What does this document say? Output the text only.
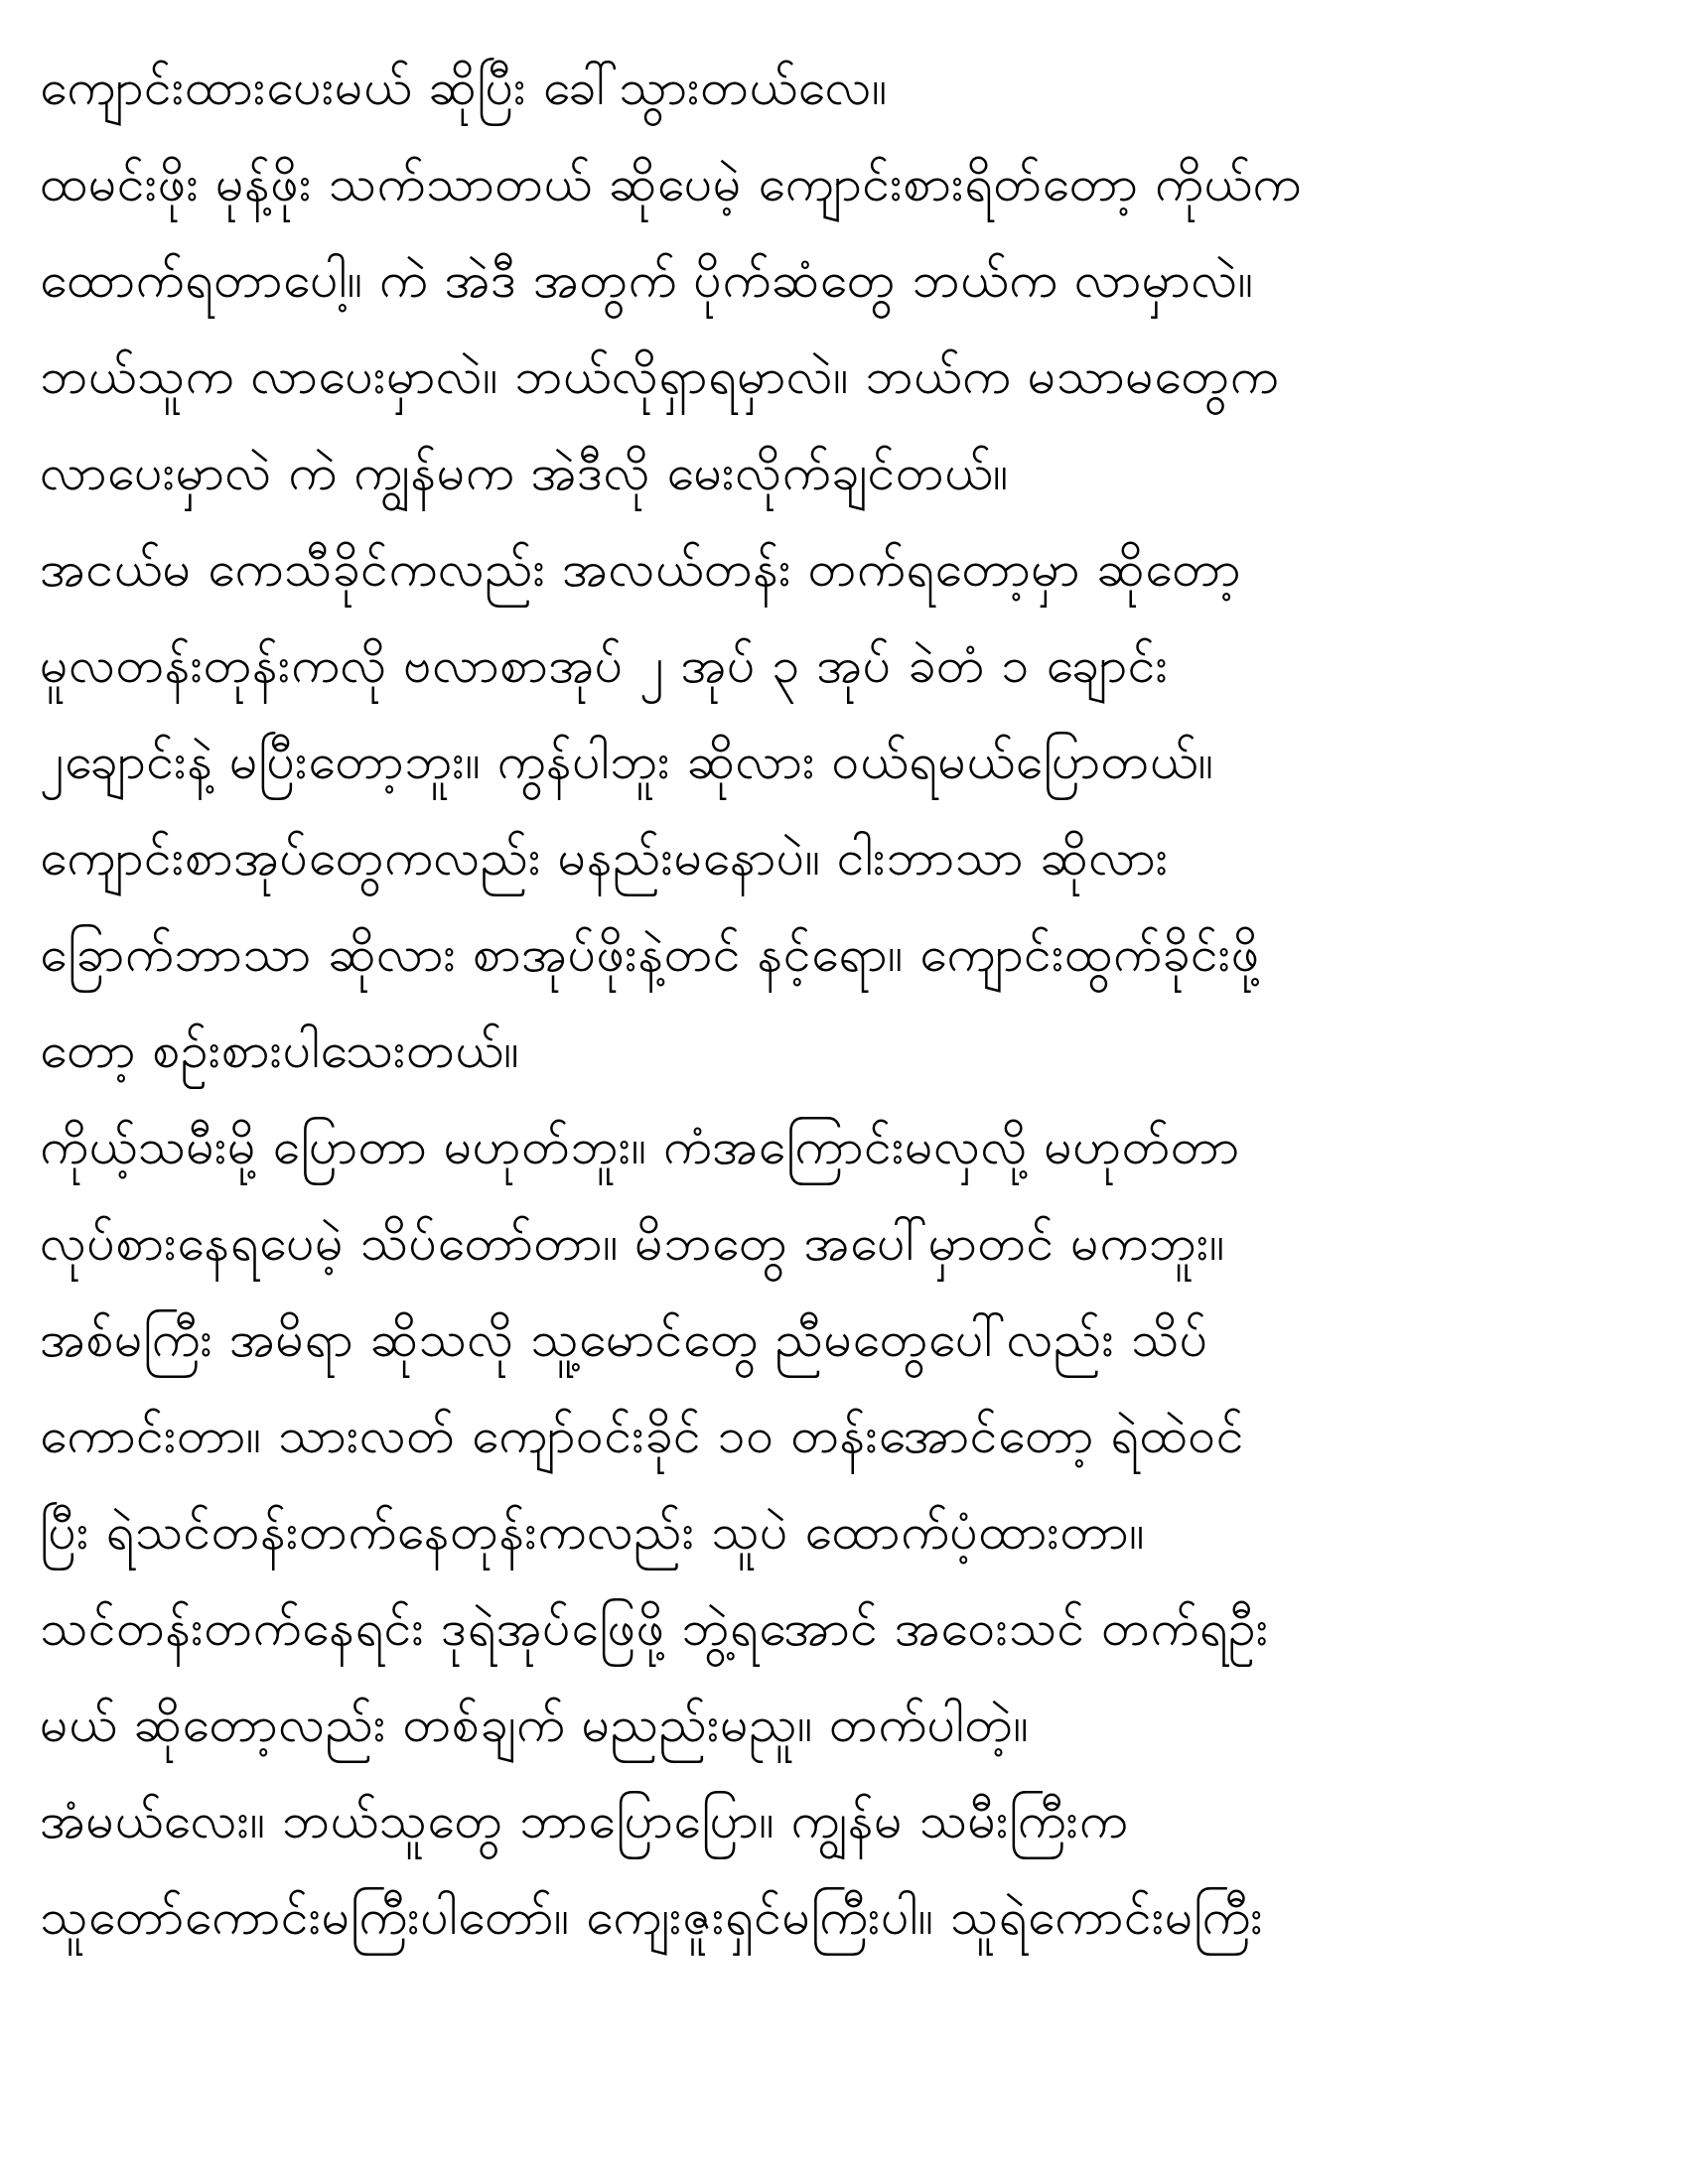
ကျောင်းထားပေးမယ် ဆိုပြီး ခေါ်သွားတယ်လေ။
ထမင်းဖိုး မုန့်ဖိုး သက်သာတယ် ဆိုပေမဲ့ ကျောင်းစားရိတ်တော့ ကိုယ်က
ထောက်ရတာပေါ့။ ကဲ အဲဒီ အတွက် ပိုက်ဆံတွေ ဘယ်က လာမှာလဲ။
ဘယ်သူက လာပေးမှာလဲ။ ဘယ်လိုရှာရမှာလဲ။ ဘယ်က မသာမတွေက
လာပေးမှာလဲ ကဲ ကျွန်မက အဲဒီလို မေးလိုက်ချင်တယ်။
အငယ်မ ကေသီခိုင်ကလည်း အလယ်တန်း တက်ရတော့မှာ ဆိုတော့
မူလတန်းတုန်းကလို ဗလာစာအုပ် ၂ အုပ် ၃ အုပ် ခဲတံ ၁ ချောင်း
၂ချောင်းနဲ့ မပြီးတော့ဘူး။ ကွန်ပါဘူး ဆိုလား ဝယ်ရမယ်ပြောတယ်။
ကျောင်းစာအုပ်တွေကလည်း မနည်းမနောပဲ။ ငါးဘာသာ ဆိုလား
ခြောက်ဘာသာ ဆိုလား စာအုပ်ဖိုးနဲ့တင် နင့်ရော။ ကျောင်းထွက်ခိုင်းဖို့
တော့ စဉ်းစားပါသေးတယ်။
ကိုယ့်သမီးမို့ ပြောတာ မဟုတ်ဘူး။ ကံအကြောင်းမလှလို့ မဟုတ်တာ
လုပ်စားနေရပေမဲ့ သိပ်တော်တာ။ မိဘတွေ အပေါ်မှာတင် မကဘူး။
အစ်မကြီး အမိရာ ဆိုသလို သူ့မောင်တွေ ညီမတွေပေါ်လည်း သိပ်
ကောင်းတာ။ သားလတ် ကျော်ဝင်းခိုင် ၁၀ တန်းအောင်တော့ ရဲထဲဝင်
ပြီး ရဲသင်တန်းတက်နေတုန်းကလည်း သူပဲ ထောက်ပံ့ထားတာ။
သင်တန်းတက်နေရင်း ဒုရဲအုပ်ဖြေဖို့ ဘွဲ့ရအောင် အဝေးသင် တက်ရဦး
မယ် ဆိုတော့လည်း တစ်ချက် မညည်းမညူ။ တက်ပါတဲ့။
အံမယ်လေး။ ဘယ်သူတွေ ဘာပြောပြော။ ကျွန်မ သမီးကြီးက
သူတော်ကောင်းမကြီးပါတော်။ ကျေးဇူးရှင်မကြီးပါ။ သူရဲကောင်းမကြီး
